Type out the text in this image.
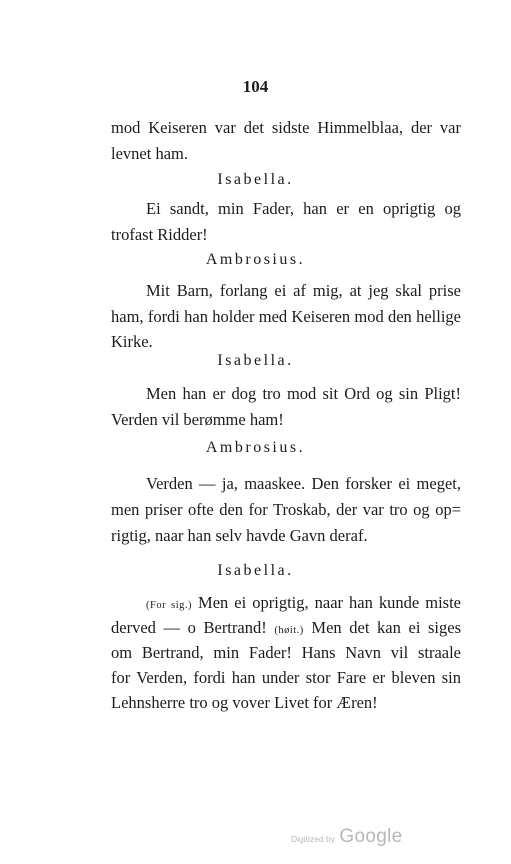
104
mod Keiseren var det sidste Himmelblaa, der var
levnet ham.
Isabella.
Ei sandt, min Fader, han er en oprigtig og
trofast Ridder!
Ambrosius.
Mit Barn, forlang ei af mig, at jeg skal prise
ham, fordi han holder med Keiseren mod den hellige
Kirke.
Isabella.
Men han er dog tro mod sit Ord og sin Pligt!
Verden vil berømme ham!
Ambrosius.
Verden — ja, maaskee. Den forsker ei meget,
men priser ofte den for Troskab, der var tro og op=
rigtig, naar han selv havde Gavn deraf.
Isabella.
(For sig.) Men ei oprigtig, naar han kunde miste
derved — o Bertrand! (høit.) Men det kan ei siges
om Bertrand, min Fader! Hans Navn vil straale
for Verden, fordi han under stor Fare er bleven sin
Lehnsherre tro og vover Livet for Æren!
Digitized by Google
